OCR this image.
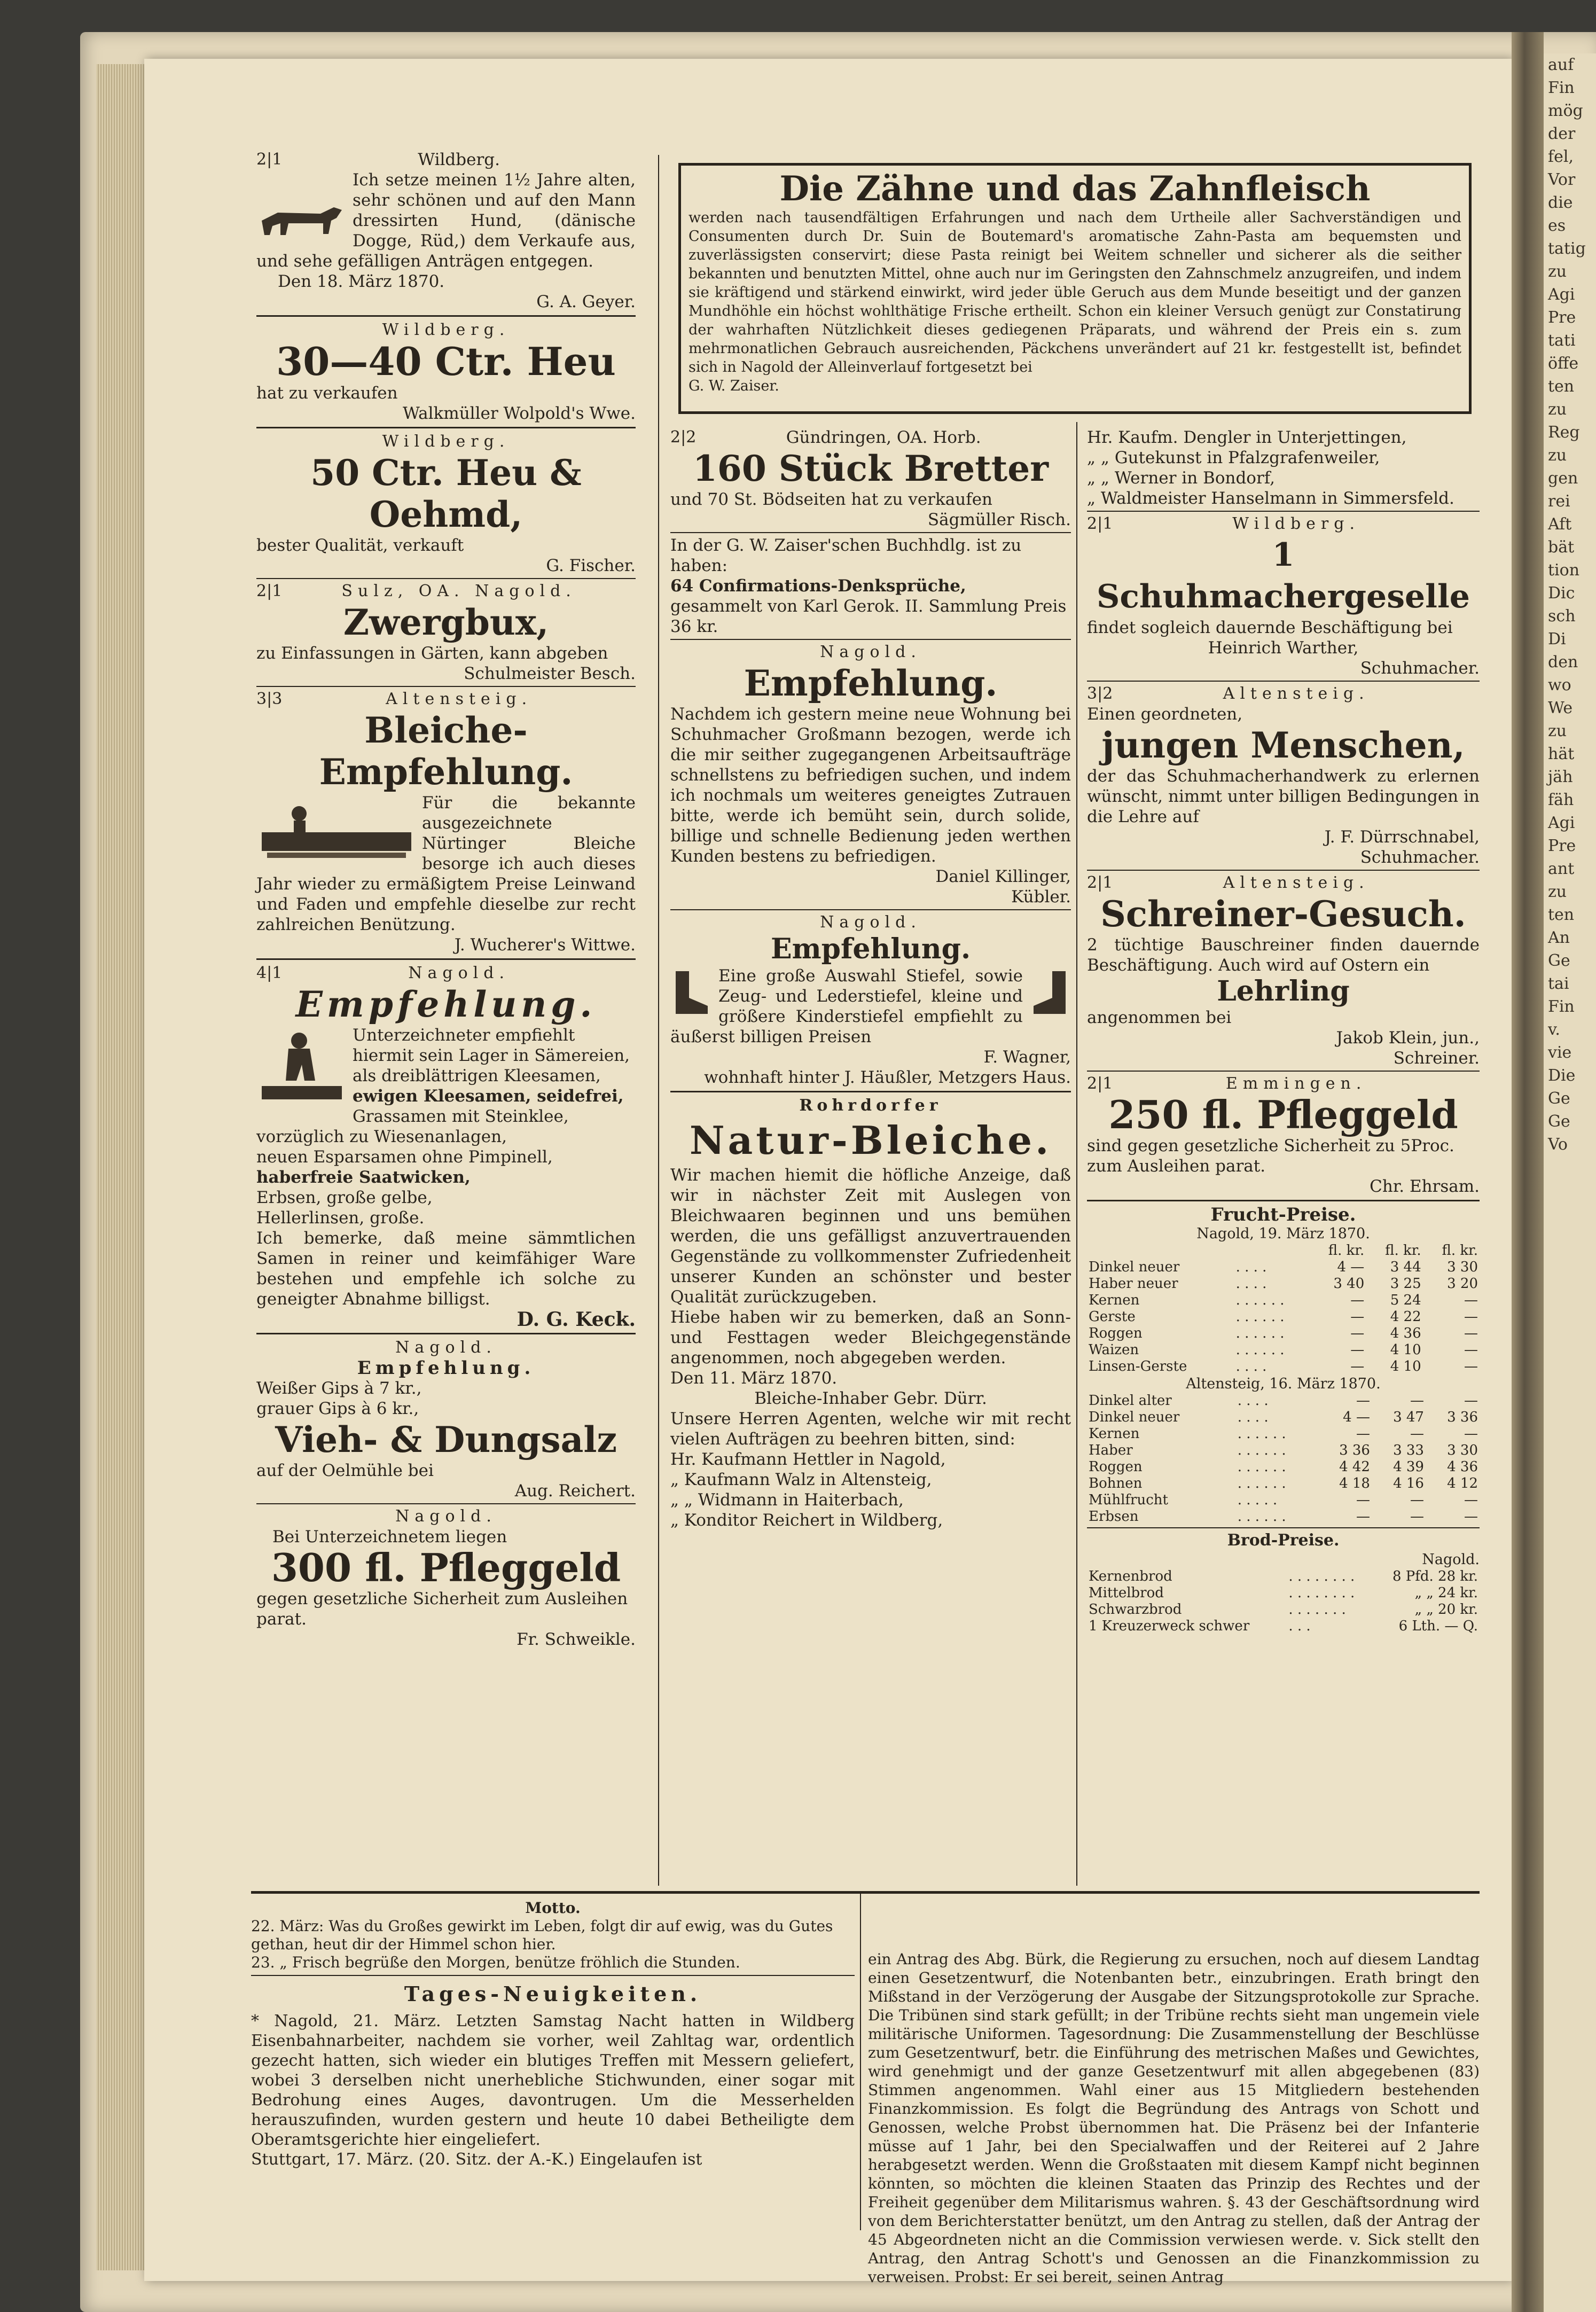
auf
Fin
mög
der
fel,
Vor
die
es
tatig
zu
Agi
Pre
tati
öffe
ten
zu
Reg
zu
gen
rei
Aft
bät
tion
Dic
sch
Di
den
wo
We
zu
hät
jäh
fäh
Agi
Pre
ant
zu
ten
An
Ge
tai
Fin
v.
vie
Die
Ge
Ge
Vo
2|1	Wildberg.
Ich setze meinen 1½ Jahre alten, sehr schönen und auf den Mann dressirten Hund, (dänische Dogge, Rüd,) dem Verkaufe aus, und sehe gefälligen Anträgen entgegen.
Den 18. März 1870.
G. A. Geyer.
Wildberg.
30—40 Ctr. Heu
hat zu verkaufen
Walkmüller Wolpold's Wwe.
Wildberg.
50 Ctr. Heu & Oehmd,
bester Qualität, verkauft
G. Fischer.
2|1	Sulz, OA. Nagold.
Zwergbux,
zu Einfassungen in Gärten, kann abgeben
Schulmeister Besch.
3|3	Altensteig.
Bleiche-Empfehlung.
Für die bekannte ausgezeichnete Nürtinger Bleiche besorge ich auch dieses Jahr wieder zu ermäßigtem Preise Leinwand und Faden und empfehle dieselbe zur recht zahlreichen Benützung.
J. Wucherer's Wittwe.
4|1	Nagold.
Empfehlung.
Unterzeichneter empfiehlt hiermit sein Lager in Sämereien, als dreiblättrigen Kleesamen,
ewigen Kleesamen, seidefrei,
Grassamen mit Steinklee, vorzüglich zu Wiesenanlagen,
neuen Esparsamen ohne Pimpinell,
haberfreie Saatwicken,
Erbsen, große gelbe,
Hellerlinsen, große.
Ich bemerke, daß meine sämmtlichen Samen in reiner und keimfähiger Ware bestehen und empfehle ich solche zu geneigter Abnahme billigst.
D. G. Keck.
Nagold.
Empfehlung.
Weißer Gips à 7 kr.,
grauer Gips à 6 kr.,
Vieh- & Dungsalz
auf der Oelmühle bei
Aug. Reichert.
Nagold.
Bei Unterzeichnetem liegen
300 fl. Pfleggeld
gegen gesetzliche Sicherheit zum Ausleihen parat.
Fr. Schweikle.
Die Zähne und das Zahnfleisch
werden nach tausendfältigen Erfahrungen und nach dem Urtheile aller Sachverständigen und Consumenten durch Dr. Suin de Boutemard's aromatische Zahn-Pasta am bequemsten und zuverlässigsten conservirt; diese Pasta reinigt bei Weitem schneller und sicherer als die seither bekannten und benutzten Mittel, ohne auch nur im Geringsten den Zahnschmelz anzugreifen, und indem sie kräftigend und stärkend einwirkt, wird jeder üble Geruch aus dem Munde beseitigt und der ganzen Mundhöhle ein höchst wohlthätige Frische ertheilt. Schon ein kleiner Versuch genügt zur Constatirung der wahrhaften Nützlichkeit dieses gediegenen Präparats, und während der Preis ein s. zum mehrmonatlichen Gebrauch ausreichenden, Päckchens unverändert auf 21 kr. festgestellt ist, befindet sich in Nagold der Alleinverlauf fortgesetzt bei
G. W. Zaiser.
2|2	Gündringen, OA. Horb.
160 Stück Bretter
und 70 St. Bödseiten hat zu verkaufen
Sägmüller Risch.
In der G. W. Zaiser'schen Buchhdlg. ist zu haben:
64 Confirmations-Denksprüche,
gesammelt von Karl Gerok. II. Sammlung Preis 36 kr.
Nagold.
Empfehlung.
Nachdem ich gestern meine neue Wohnung bei Schuhmacher Großmann bezogen, werde ich die mir seither zugegangenen Arbeitsaufträge schnellstens zu befriedigen suchen, und indem ich nochmals um weiteres geneigtes Zutrauen bitte, werde ich bemüht sein, durch solide, billige und schnelle Bedienung jeden werthen Kunden bestens zu befriedigen.
Daniel Killinger,
Kübler.
Nagold.
Empfehlung.
Eine große Auswahl Stiefel, sowie Zeug- und Lederstiefel, kleine und größere Kinderstiefel empfiehlt zu äußerst billigen Preisen
F. Wagner,
wohnhaft hinter J. Häußler, Metzgers Haus.
Rohrdorfer
Natur-Bleiche.
Wir machen hiemit die höfliche Anzeige, daß wir in nächster Zeit mit Auslegen von Bleichwaaren beginnen und uns bemühen werden, die uns gefälligst anzuvertrauenden Gegenstände zu vollkommenster Zufriedenheit unserer Kunden an schönster und bester Qualität zurückzugeben.
Hiebe haben wir zu bemerken, daß an Sonn- und Festtagen weder Bleichgegenstände angenommen, noch abgegeben werden.
Den 11. März 1870.
Bleiche-Inhaber Gebr. Dürr.
Unsere Herren Agenten, welche wir mit recht vielen Aufträgen zu beehren bitten, sind:
Hr. Kaufmann Hettler in Nagold,
„ Kaufmann Walz in Altensteig,
„ „ Widmann in Haiterbach,
„ Konditor Reichert in Wildberg,
Hr. Kaufm. Dengler in Unterjettingen,
„ „ Gutekunst in Pfalzgrafenweiler,
„ „ Werner in Bondorf,
„ Waldmeister Hanselmann in Simmersfeld.
2|1	Wildberg.
1 Schuhmachergeselle
findet sogleich dauernde Beschäftigung bei
Heinrich Warther,
Schuhmacher.
3|2	Altensteig.
Einen geordneten,
jungen Menschen,
der das Schuhmacherhandwerk zu erlernen wünscht, nimmt unter billigen Bedingungen in die Lehre auf
J. F. Dürrschnabel,
Schuhmacher.
2|1	Altensteig.
Schreiner-Gesuch.
2 tüchtige Bauschreiner finden dauernde Beschäftigung. Auch wird auf Ostern ein
Lehrling
angenommen bei
Jakob Klein, jun.,
Schreiner.
2|1	Emmingen.
250 fl. Pfleggeld
sind gegen gesetzliche Sicherheit zu 5Proc. zum Ausleihen parat.
Chr. Ehrsam.
Frucht-Preise.
Nagold, 19. März 1870.
		fl. kr.	fl. kr.	fl. kr.
Dinkel neuer	. . . .	4 —	3 44	3 30
Haber neuer	. . . .	3 40	3 25	3 20
Kernen	. . . . . .	—	5 24	—
Gerste	. . . . . .	—	4 22	—
Roggen	. . . . . .	—	4 36	—
Waizen	. . . . . .	—	4 10	—
Linsen-Gerste	. . . .	—	4 10	—
Altensteig, 16. März 1870.
Dinkel alter	. . . .	—	—	—
Dinkel neuer	. . . .	4 —	3 47	3 36
Kernen	. . . . . .	—	—	—
Haber	. . . . . .	3 36	3 33	3 30
Roggen	. . . . . .	4 42	4 39	4 36
Bohnen	. . . . . .	4 18	4 16	4 12
Mühlfrucht	. . . . .	—	—	—
Erbsen	. . . . . .	—	—	—
Brod-Preise.
Nagold.
Kernenbrod	. . . . . . . .	8 Pfd. 28 kr.
Mittelbrod	. . . . . . . .	„ „ 24 kr.
Schwarzbrod	. . . . . . .	„ „ 20 kr.
1 Kreuzerweck schwer	. . .	6 Lth. — Q.
Motto.
22. März: Was du Großes gewirkt im Leben, folgt dir auf ewig, was du Gutes gethan, heut dir der Himmel schon hier.
23. „ Frisch begrüße den Morgen, benütze fröhlich die Stunden.
Tages-Neuigkeiten.
* Nagold, 21. März. Letzten Samstag Nacht hatten in Wildberg Eisenbahnarbeiter, nachdem sie vorher, weil Zahltag war, ordentlich gezecht hatten, sich wieder ein blutiges Treffen mit Messern geliefert, wobei 3 derselben nicht unerhebliche Stichwunden, einer sogar mit Bedrohung eines Auges, davontrugen. Um die Messerhelden herauszufinden, wurden gestern und heute 10 dabei Betheiligte dem Oberamtsgerichte hier eingeliefert.
Stuttgart, 17. März. (20. Sitz. der A.-K.) Eingelaufen ist
ein Antrag des Abg. Bürk, die Regierung zu ersuchen, noch auf diesem Landtag einen Gesetzentwurf, die Notenbanten betr., einzubringen. Erath bringt den Mißstand in der Verzögerung der Ausgabe der Sitzungsprotokolle zur Sprache. Die Tribünen sind stark gefüllt; in der Tribüne rechts sieht man ungemein viele militärische Uniformen. Tagesordnung: Die Zusammenstellung der Beschlüsse zum Gesetzentwurf, betr. die Einführung des metrischen Maßes und Gewichtes, wird genehmigt und der ganze Gesetzentwurf mit allen abgegebenen (83) Stimmen angenommen. Wahl einer aus 15 Mitgliedern bestehenden Finanzkommission. Es folgt die Begründung des Antrags von Schott und Genossen, welche Probst übernommen hat. Die Präsenz bei der Infanterie müsse auf 1 Jahr, bei den Specialwaffen und der Reiterei auf 2 Jahre herabgesetzt werden. Wenn die Großstaaten mit diesem Kampf nicht beginnen könnten, so möchten die kleinen Staaten das Prinzip des Rechtes und der Freiheit gegenüber dem Militarismus wahren. §. 43 der Geschäftsordnung wird von dem Berichterstatter benützt, um den Antrag zu stellen, daß der Antrag der 45 Abgeordneten nicht an die Commission verwiesen werde. v. Sick stellt den Antrag, den Antrag Schott's und Genossen an die Finanzkommission zu verweisen. Probst: Er sei bereit, seinen Antrag
